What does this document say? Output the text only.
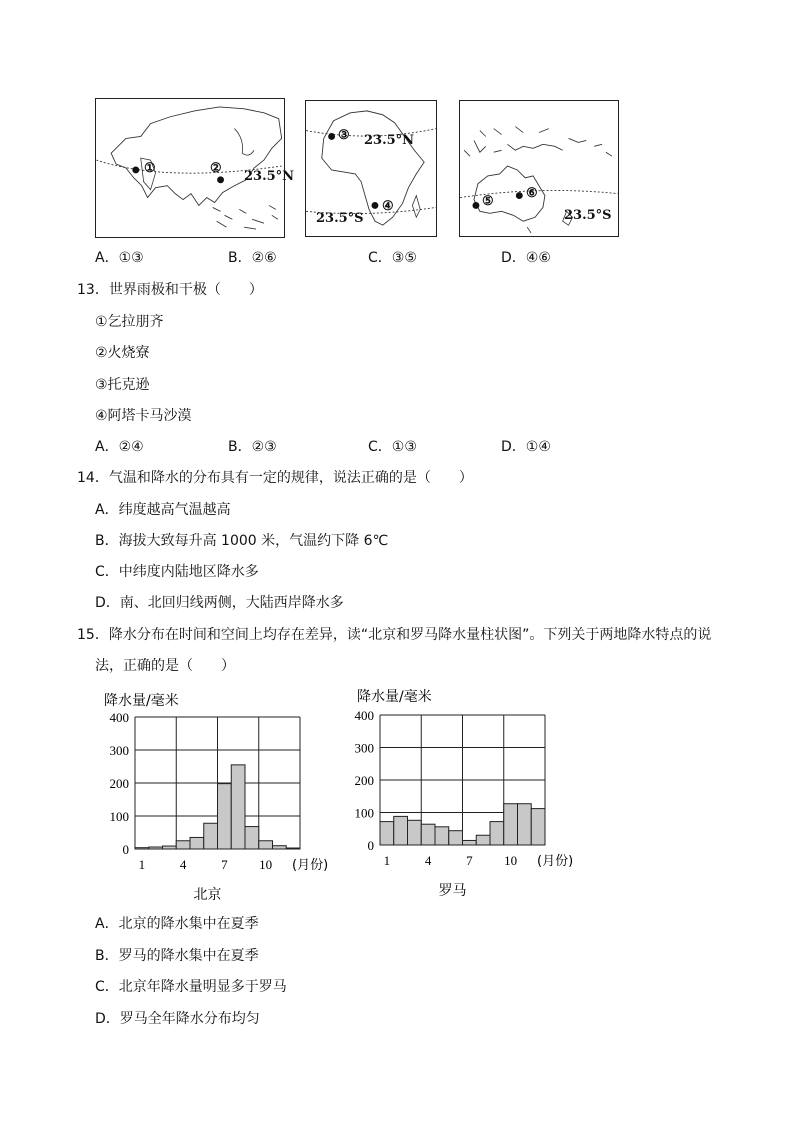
①	②
23.5°N
③ 23.5°N
④
23.5°S
⑤
⑥
23.5°S
A．①③	B．②⑥	C．③⑤	D．④⑥
13．世界雨极和干极（　　）
①乞拉朋齐
②火烧寮
③托克逊
④阿塔卡马沙漠
A．②④	B．②③	C．①③	D．①④
14．气温和降水的分布具有一定的规律，说法正确的是（　　）
A．纬度越高气温越高
B．海拔大致每升高 1000 米，气温约下降 6℃
C．中纬度内陆地区降水多
D．南、北回归线两侧，大陆西岸降水多
15．降水分布在时间和空间上均存在差异，读“北京和罗马降水量柱状图”。下列关于两地降水特点的说
法，正确的是（　　）
降水量/毫米
400
300
200
100
0
1	4	7 10 (月份)
北京
降水量/毫米
400
300
200
100
0
1	4	7 10 (月份)
罗马
A．北京的降水集中在夏季
B．罗马的降水集中在夏季
C．北京年降水量明显多于罗马
D．罗马全年降水分布均匀
